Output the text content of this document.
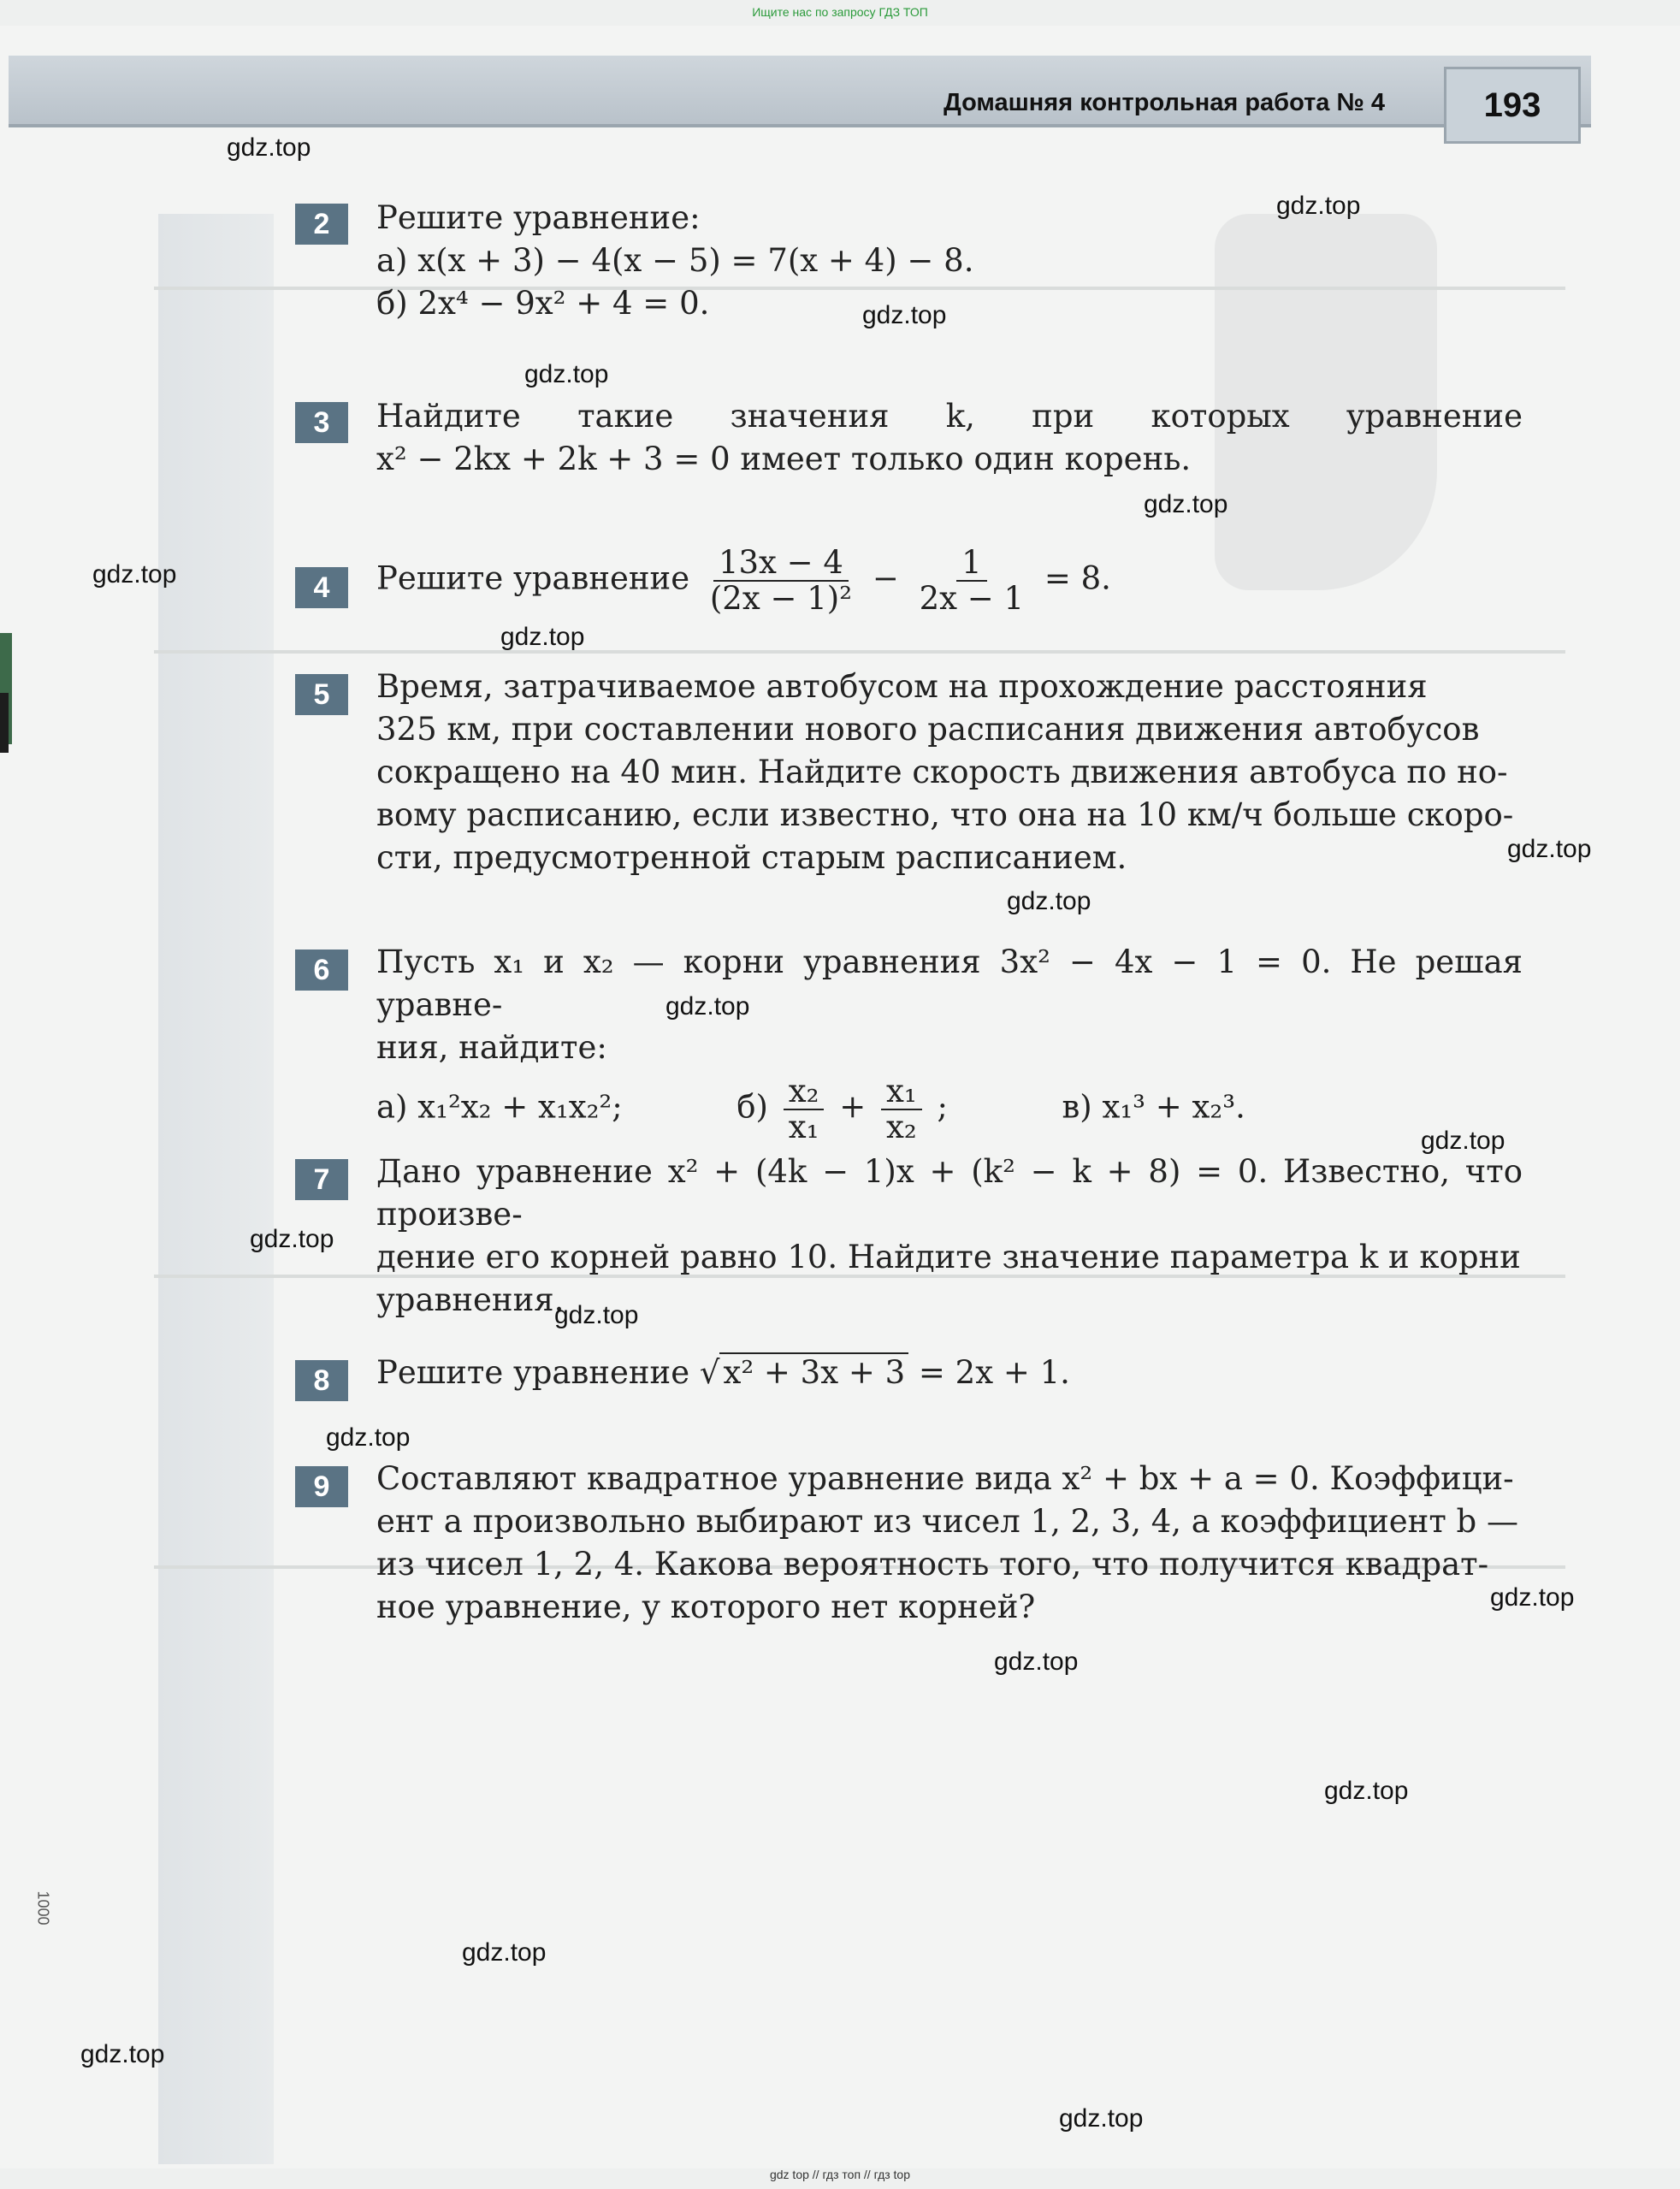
Ищите нас по запросу ГДЗ ТОП
Домашняя контрольная работа № 4	193
1000
2	Решите уравнение:
а) x(x + 3) − 4(x − 5) = 7(x + 4) − 8.
б) 2x⁴ − 9x² + 4 = 0.
3	Найдите такие значения k, при которых уравнение
x² − 2kx + 2k + 3 = 0 имеет только один корень.
4	Решите уравнение $\frac{13x - 4}{\text{(2x − 1)²}} - \frac{1}{2x - 1} = 8$.
5	Время, затрачиваемое автобусом на прохождение расстояния
325 км, при составлении нового расписания движения автобусов
сокращено на 40 мин. Найдите скорость движения автобуса по но-
вому расписанию, если известно, что она на 10 км/ч больше скоро-
сти, предусмотренной старым расписанием.
6	Пусть x₁ и x₂ — корни уравнения 3x² − 4x − 1 = 0. Не решая уравне-
ния, найдите:
а) x₁²x₂ + x₁x₂²;	$б) \frac{\text{x₂}}{\text{x₁}} + \frac{\text{x₁}}{\text{x₂}}$ ;	в) x₁³ + x₂³.
7	Дано уравнение x² + (4k − 1)x + (k² − k + 8) = 0. Известно, что произве-
дение его корней равно 10. Найдите значение параметра k и корни
уравнения.
8	Решите уравнение √ x² + 3x + 3 = 2x + 1.
9	Составляют квадратное уравнение вида x² + bx + a = 0. Коэффици-
ент a произвольно выбирают из чисел 1, 2, 3, 4, а коэффициент b —
из чисел 1, 2, 4. Какова вероятность того, что получится квадрат-
ное уравнение, у которого нет корней?
gdz.top
gdz.top
gdz.top
gdz.top
gdz.top
gdz.top
gdz.top
gdz.top
gdz.top
gdz.top
gdz.top
gdz.top
gdz.top
gdz.top
gdz.top
gdz.top
gdz.top
gdz.top
gdz.top
gdz.top
gdz top // гдз топ // гдз top
